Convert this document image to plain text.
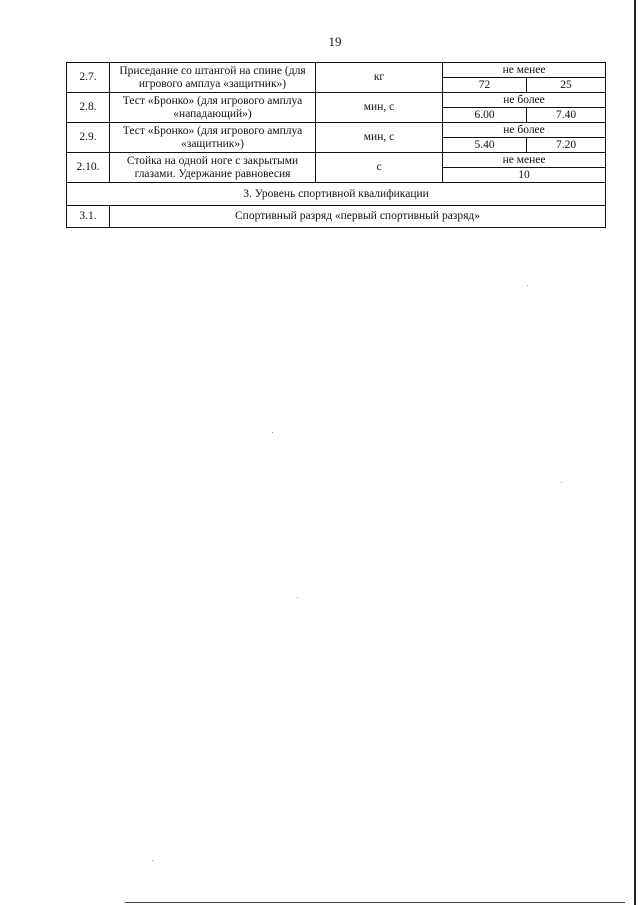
19
2.7.	Приседание со штангой на спине (для игрового амплуа «защитник»)	кг	не менее	
			72	25
2.8.	Тест «Бронко» (для игрового амплуа «нападающий»)	мин, с	не более	
			6.00	7.40
2.9.	Тест «Бронко» (для игрового амплуа «защитник»)	мин, с	не более	
			5.40	7.20
2.10.	Стойка на одной ноге с закрытыми глазами. Удержание равновесия	с	не менее	
			10	
3. Уровень спортивной квалификации				
3.1.	Спортивный разряд «первый спортивный разряд»			
